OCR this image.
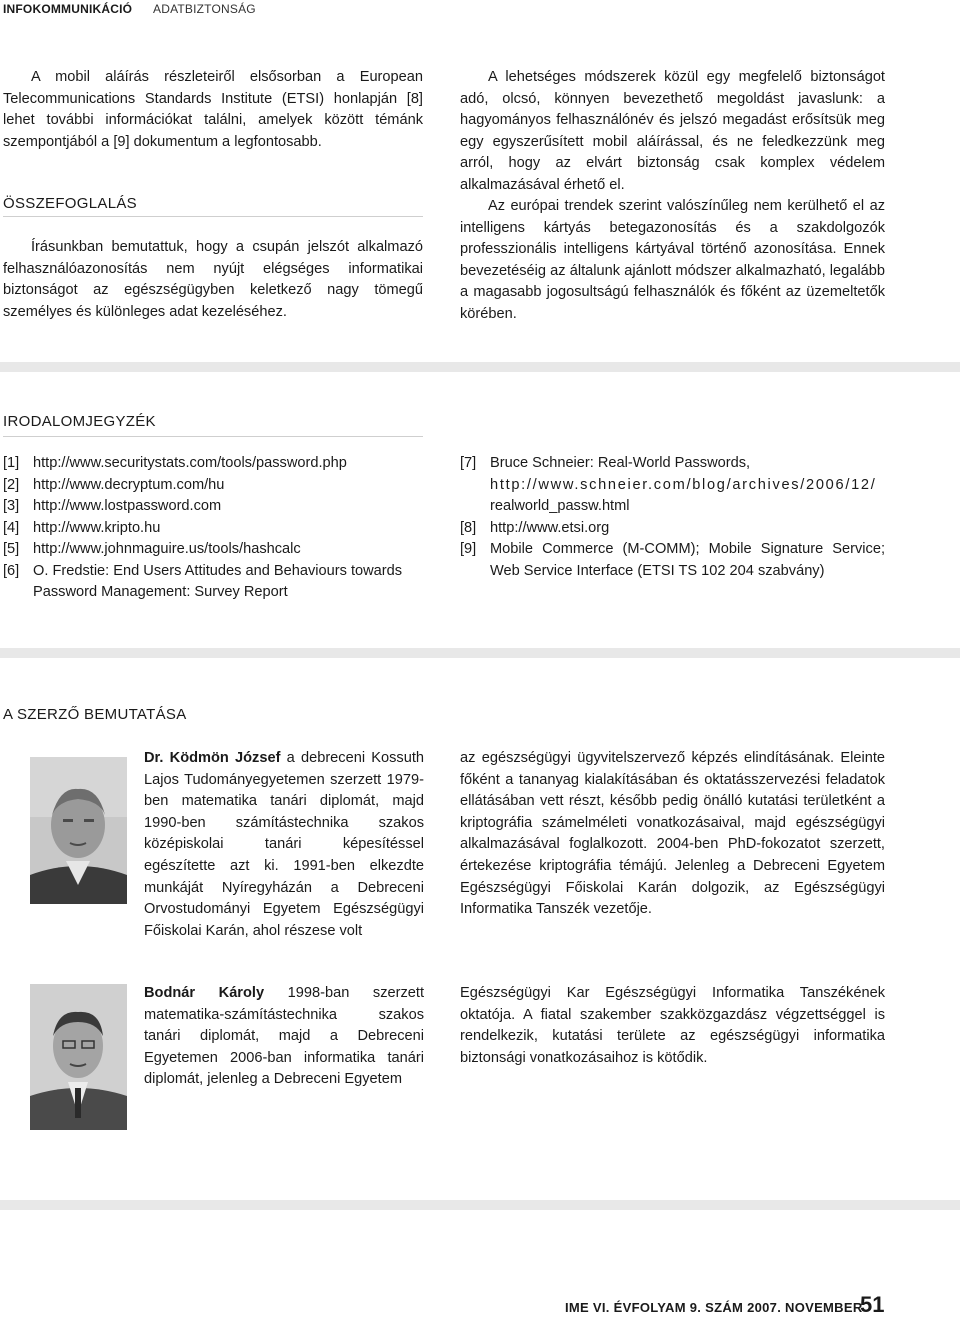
INFOKOMMUNIKÁCIÓ ADATBIZTONSÁG

A mobil aláírás részleteiről elsősorban a European Telecommunications Standards Institute (ETSI) honlapján [8] lehet további információkat találni, amelyek között témánk szempontjából a [9] dokumentum a legfontosabb.

ÖSSZEFOGLALÁS

Írásunkban bemutattuk, hogy a csupán jelszót alkalmazó felhasználóazonosítás nem nyújt elégséges informatikai biztonságot az egészségügyben keletkező nagy tömegű személyes és különleges adat kezeléséhez.

A lehetséges módszerek közül egy megfelelő biztonságot adó, olcsó, könnyen bevezethető megoldást javaslunk: a hagyományos felhasználónév és jelszó megadást erősítsük meg egy egyszerűsített mobil aláírással, és ne feledkezzünk meg arról, hogy az elvárt biztonság csak komplex védelem alkalmazásával érhető el.

Az európai trendek szerint valószínűleg nem kerülhető el az intelligens kártyás betegazonosítás és a szakdolgozók professzionális intelligens kártyával történő azonosítása. Ennek bevezetéséig az általunk ajánlott módszer alkalmazható, legalább a magasabb jogosultságú felhasználók és főként az üzemeltetők körében.

IRODALOMJEGYZÉK
[1] http://www.securitystats.com/tools/password.php
[2] http://www.decryptum.com/hu
[3] http://www.lostpassword.com
[4] http://www.kripto.hu
[5] http://www.johnmaguire.us/tools/hashcalc
[6] O. Fredstie: End Users Attitudes and Behaviours towards Password Management: Survey Report
[7] Bruce Schneier: Real-World Passwords,
http://www.schneier.com/blog/archives/2006/12/
realworld_passw.html
[8] http://www.etsi.org
[9] Mobile Commerce (M-COMM); Mobile Signature Service; Web Service Interface (ETSI TS 102 204 szabvány)
A SZERZŐ BEMUTATÁSA

Dr. Ködmön József a debreceni Kossuth Lajos Tudományegyetemen szerzett 1979-ben matematika tanári diplomát, majd 1990-ben számítástechnika szakos középiskolai tanári képesítéssel egészítette azt ki. 1991-ben elkezdte munkáját Nyíregyházán a Debreceni Orvostudományi Egyetem Egészségügyi Főiskolai Karán, ahol részese volt

az egészségügyi ügyvitelszervező képzés elindításának. Eleinte főként a tananyag kialakításában és oktatásszervezési feladatok ellátásában vett részt, később pedig önálló kutatási területként a kriptográfia számelméleti vonatkozásaival, majd egészségügyi alkalmazásával foglalkozott. 2004-ben PhD-fokozatot szerzett, értekezése kriptográfia témájú. Jelenleg a Debreceni Egyetem Egészségügyi Főiskolai Karán dolgozik, az Egészségügyi Informatika Tanszék vezetője.

Bodnár Károly 1998-ban szerzett matematika-számítástechnika szakos tanári diplomát, majd a Debreceni Egyetemen 2006-ban informatika tanári diplomát, jelenleg a Debreceni Egyetem

Egészségügyi Kar Egészségügyi Informatika Tanszékének oktatója. A fiatal szakember szakközgazdász végzettséggel is rendelkezik, kutatási területe az egészségügyi informatika biztonsági vonatkozásaihoz is kötődik.

IME VI. ÉVFOLYAM 9. SZÁM 2007. NOVEMBER
51
